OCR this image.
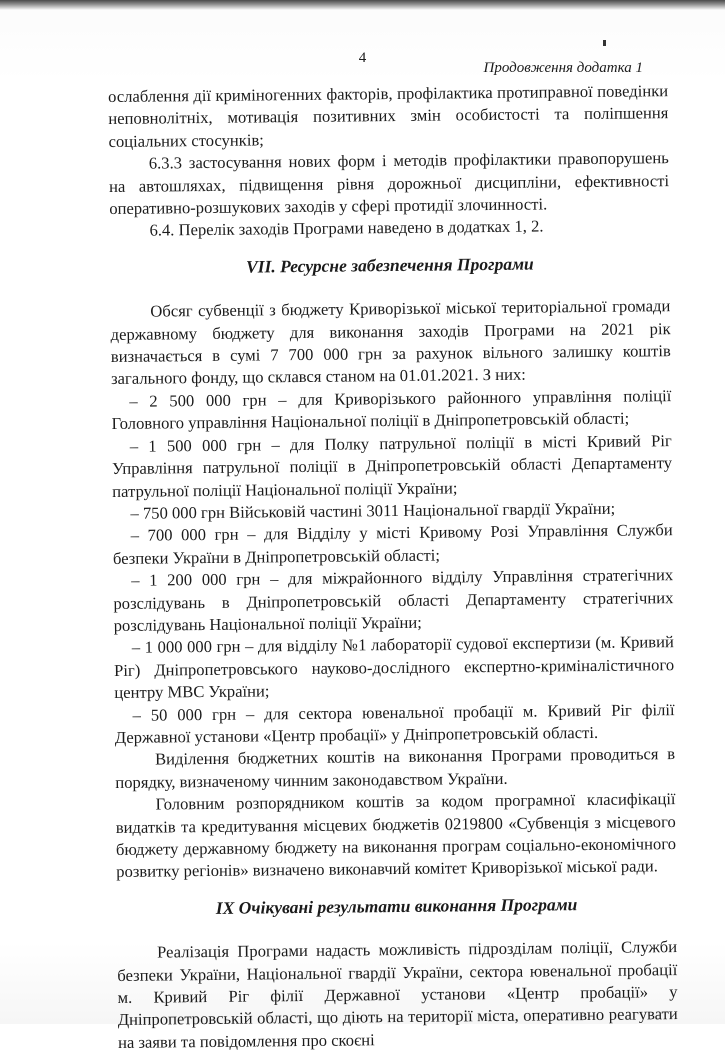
4
Продовження додатка 1

ослаблення дії криміногенних факторів, профілактика протиправної поведінки неповнолітніх, мотивація позитивних змін особистості та поліпшення соціальних стосунків;

6.3.3 застосування нових форм і методів профілактики правопорушень на автошляхах, підвищення рівня дорожньої дисципліни, ефективності оперативно-розшукових заходів у сфері протидії злочинності.

6.4. Перелік заходів Програми наведено в додатках 1, 2.

VII. Ресурсне забезпечення Програми

Обсяг субвенції з бюджету Криворізької міської територіальної громади державному бюджету для виконання заходів Програми на 2021 рік визначається в сумі 7 700 000 грн за рахунок вільного залишку коштів загального фонду, що склався станом на 01.01.2021. З них:

– 2 500 000 грн – для Криворізького районного управління поліції Головного управління Національної поліції в Дніпропетровській області;

– 1 500 000 грн – для Полку патрульної поліції в місті Кривий Ріг Управління патрульної поліції в Дніпропетровській області Департаменту патрульної поліції Національної поліції України;

– 750 000 грн Військовій частині 3011 Національної гвардії України;

– 700 000 грн – для Відділу у місті Кривому Розі Управління Служби безпеки України в Дніпропетровській області;

– 1 200 000 грн – для міжрайонного відділу Управління стратегічних розслідувань в Дніпропетровській області Департаменту стратегічних розслідувань Національної поліції України;

– 1 000 000 грн – для відділу №1 лабораторії судової експертизи (м. Кривий Ріг) Дніпропетровського науково-дослідного експертно-криміналістичного центру МВС України;

– 50 000 грн – для сектора ювенальної пробації м. Кривий Ріг філії Державної установи «Центр пробації» у Дніпропетровській області.

Виділення бюджетних коштів на виконання Програми проводиться в порядку, визначеному чинним законодавством України.

Головним розпорядником коштів за кодом програмної класифікації видатків та кредитування місцевих бюджетів 0219800 «Субвенція з місцевого бюджету державному бюджету на виконання програм соціально-економічного розвитку регіонів» визначено виконавчий комітет Криворізької міської ради.

IX Очікувані результати виконання Програми

Реалізація Програми надасть можливість підрозділам поліції, Служби безпеки України, Національної гвардії України, сектора ювенальної пробації м. Кривий Ріг філії Державної установи «Центр пробації» у Дніпропетровській області, що діють на території міста, оперативно реагувати на заяви та повідомлення про скоєні
